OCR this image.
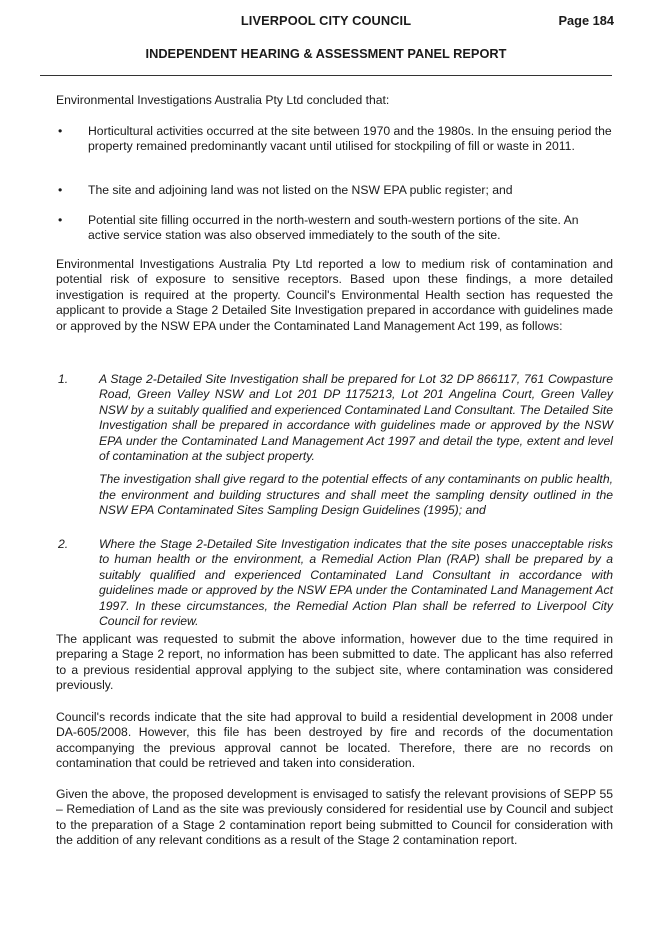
LIVERPOOL CITY COUNCIL	Page 184
INDEPENDENT HEARING & ASSESSMENT PANEL REPORT

Environmental Investigations Australia Pty Ltd concluded that:

• Horticultural activities occurred at the site between 1970 and the 1980s. In the ensuing period the property remained predominantly vacant until utilised for stockpiling of fill or waste in 2011.
• The site and adjoining land was not listed on the NSW EPA public register; and
• Potential site filling occurred in the north-western and south-western portions of the site. An active service station was also observed immediately to the south of the site.

Environmental Investigations Australia Pty Ltd reported a low to medium risk of contamination and potential risk of exposure to sensitive receptors. Based upon these findings, a more detailed investigation is required at the property. Council's Environmental Health section has requested the applicant to provide a Stage 2 Detailed Site Investigation prepared in accordance with guidelines made or approved by the NSW EPA under the Contaminated Land Management Act 199, as follows:

1.	A Stage 2-Detailed Site Investigation shall be prepared for Lot 32 DP 866117, 761 Cowpasture Road, Green Valley NSW and Lot 201 DP 1175213, Lot 201 Angelina Court, Green Valley NSW by a suitably qualified and experienced Contaminated Land Consultant. The Detailed Site Investigation shall be prepared in accordance with guidelines made or approved by the NSW EPA under the Contaminated Land Management Act 1997 and detail the type, extent and level of contamination at the subject property.
The investigation shall give regard to the potential effects of any contaminants on public health, the environment and building structures and shall meet the sampling density outlined in the NSW EPA Contaminated Sites Sampling Design Guidelines (1995); and
2.	Where the Stage 2-Detailed Site Investigation indicates that the site poses unacceptable risks to human health or the environment, a Remedial Action Plan (RAP) shall be prepared by a suitably qualified and experienced Contaminated Land Consultant in accordance with guidelines made or approved by the NSW EPA under the Contaminated Land Management Act 1997. In these circumstances, the Remedial Action Plan shall be referred to Liverpool City Council for review.

The applicant was requested to submit the above information, however due to the time required in preparing a Stage 2 report, no information has been submitted to date. The applicant has also referred to a previous residential approval applying to the subject site, where contamination was considered previously.

Council's records indicate that the site had approval to build a residential development in 2008 under DA-605/2008. However, this file has been destroyed by fire and records of the documentation accompanying the previous approval cannot be located. Therefore, there are no records on contamination that could be retrieved and taken into consideration.

Given the above, the proposed development is envisaged to satisfy the relevant provisions of SEPP 55 – Remediation of Land as the site was previously considered for residential use by Council and subject to the preparation of a Stage 2 contamination report being submitted to Council for consideration with the addition of any relevant conditions as a result of the Stage 2 contamination report.
